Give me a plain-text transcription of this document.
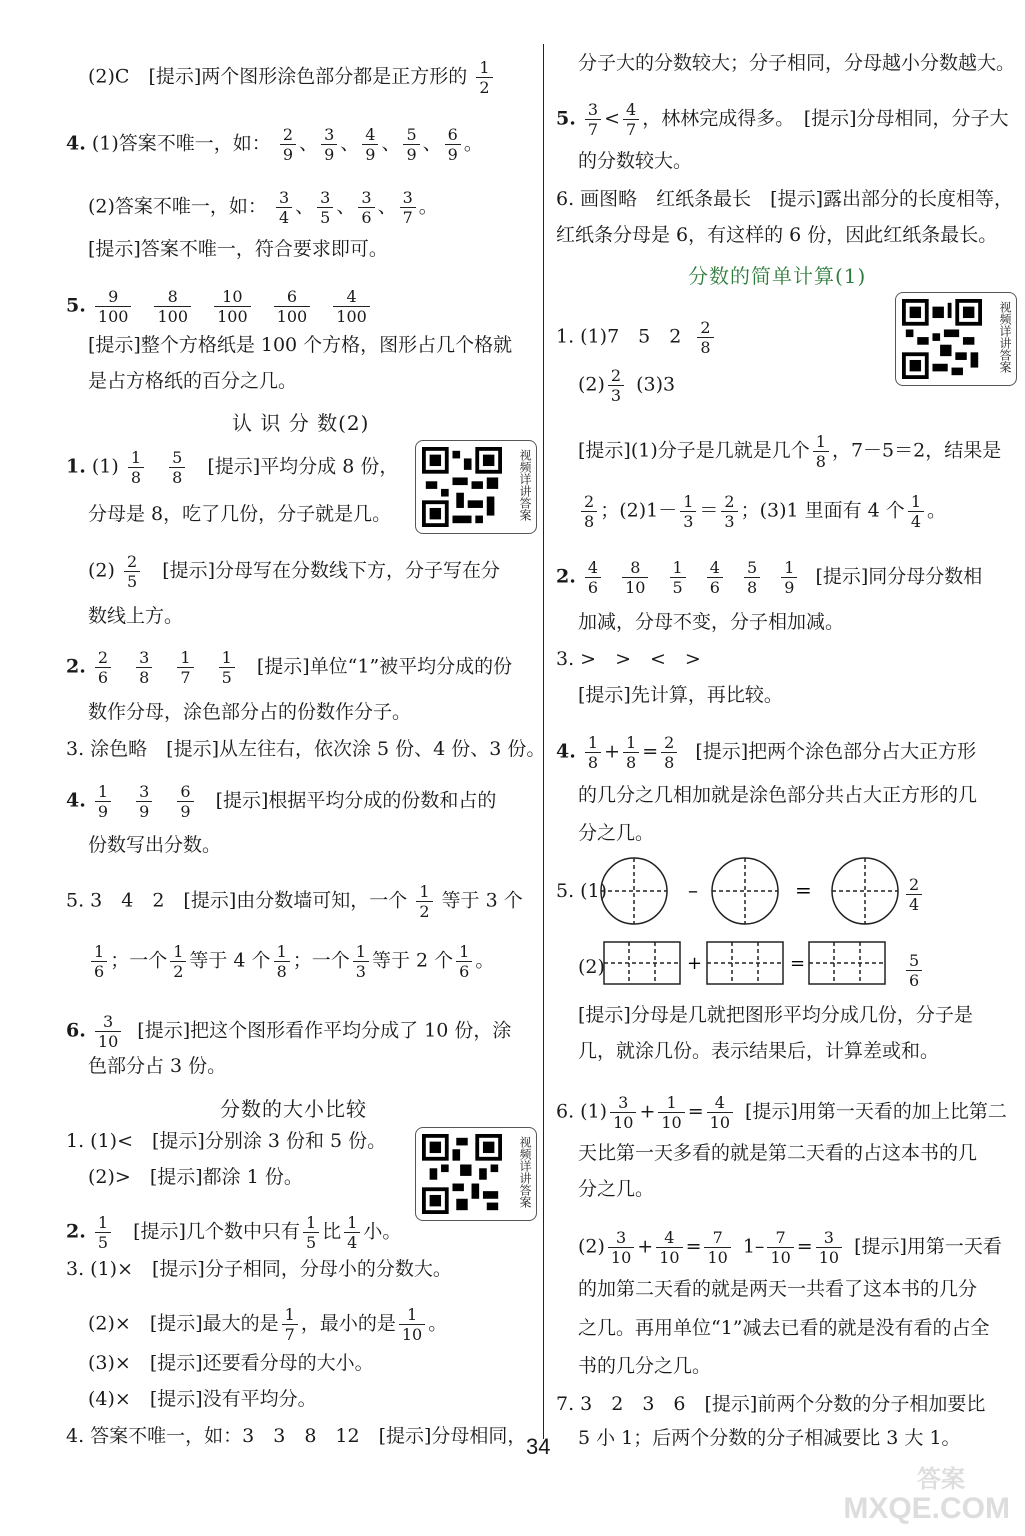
(2)C　[提示]两个图形涂色部分都是正方形的 $\frac{1}{2}$
4. (1)答案不唯一，如： $\frac{2}{9}$ 、 $\frac{3}{9}$ 、 $\frac{4}{9}$ 、 $\frac{5}{9}$ 、 $\frac{6}{9}$ 。
(2)答案不唯一，如： $\frac{3}{4}$ 、 $\frac{3}{5}$ 、 $\frac{3}{6}$ 、 $\frac{3}{7}$ 。
[提示]答案不唯一，符合要求即可。
5. $\frac{9}{100}$
$\frac{8}{100}$
$\frac{10}{100}$
$\frac{6}{100}$
$\frac{4}{100}$
[提示]整个方格纸是 100 个方格，图形占几个格就
是占方格纸的百分之几。
认 识 分 数(2)
视频详讲答案
1. $(1) \frac{1}{8}$
$\frac{5}{8}$ [提示]平均分成 8 份，
分母是 8，吃了几份，分子就是几。
$(2) \frac{2}{5}$ [提示]分母写在分数线下方，分子写在分
数线上方。
2. $\frac{2}{6}$
$\frac{3}{8}$
$\frac{1}{7}$
$\frac{1}{5}$ [提示]单位“1”被平均分成的份
数作分母，涂色部分占的份数作分子。
3. 涂色略　[提示]从左往右，依次涂 5 份、4 份、3 份。
4. $\frac{1}{9}$
$\frac{3}{9}$
$\frac{6}{9}$ [提示]根据平均分成的份数和占的
份数写出分数。
5. 3　4　2　[提示]由分数墙可知，一个 $\frac{1}{2}$ 等于 3 个
$\frac{1}{6}$ ；一个 $\frac{1}{2}$ 等于 4 个 $\frac{1}{8}$ ；一个 $\frac{1}{3}$ 等于 2 个 $\frac{1}{6}$ 。
6. $\frac{3}{10}$ [提示]把这个图形看作平均分成了 10 份，涂
色部分占 3 份。
分数的大小比较
视频详讲答案
1. (1)<　[提示]分别涂 3 份和 5 份。
(2)>　[提示]都涂 1 份。
2. $\frac{1}{5}$ [提示]几个数中只有 $\frac{1}{5}$ 比 $\frac{1}{4}$ 小。
3. (1)×　[提示]分子相同，分母小的分数大。
(2)×　[提示]最大的是 $\frac{1}{7}$ ，最小的是 $\frac{1}{10}$ 。
(3)×　[提示]还要看分母的大小。
(4)×　[提示]没有平均分。
4. 答案不唯一，如：3　3　8　12　[提示]分母相同，
分子大的分数较大；分子相同，分母越小分数越大。
5. $\frac{3}{7} < \frac{4}{7}$ ，林林完成得多。　[提示]分母相同，分子大
的分数较大。
6. 画图略　红纸条最长　[提示]露出部分的长度相等，
红纸条分母是 6，有这样的 6 份，因此红纸条最长。
分数的简单计算(1)
视频详讲答案
1. (1)7　5　$2 \frac{2}{8}$
$(2) \frac{2}{3} (3)3$
[提示](1)分子是几就是几个 $\frac{1}{8}$ ，7－5＝2，结果是
$\frac{2}{8}$ ；$(2)1- \frac{1}{3} = \frac{2}{3}$ ；(3)1 里面有 4 个 $\frac{1}{4}$ 。
2. $\frac{4}{6}$
$\frac{8}{10}$
$\frac{1}{5}$
$\frac{4}{6}$
$\frac{5}{8}$
$\frac{1}{9}$ [提示]同分母分数相
加减，分母不变，分子相加减。
3. >　>　<　>
[提示]先计算，再比较。
4. $\frac{1}{8} + \frac{1}{8} = \frac{2}{8}$ [提示]把两个涂色部分占大正方形
的几分之几相加就是涂色部分共占大正方形的几
分之几。
5. (1)	–	=	$\frac{2}{4}$
(2)	+	=	$\frac{5}{6}$
[提示]分母是几就把图形平均分成几份，分子是
几，就涂几份。表示结果后，计算差或和。
6. $(1) \frac{3}{10} + \frac{1}{10} = \frac{4}{10}$ [提示]用第一天看的加上比第二
天比第一天多看的就是第二天看的占这本书的几
分之几。
$(2) \frac{3}{10} + \frac{4}{10} = \frac{7}{10} 1- \frac{7}{10} = \frac{3}{10}$ [提示]用第一天看
的加第二天看的就是两天一共看了这本书的几分
之几。再用单位“1”减去已看的就是没有看的占全
书的几分之几。
7. 3　2　3　6　[提示]前两个分数的分子相加要比
5 小 1；后两个分数的分子相减要比 3 大 1。
34
答案
MXQE.COM
